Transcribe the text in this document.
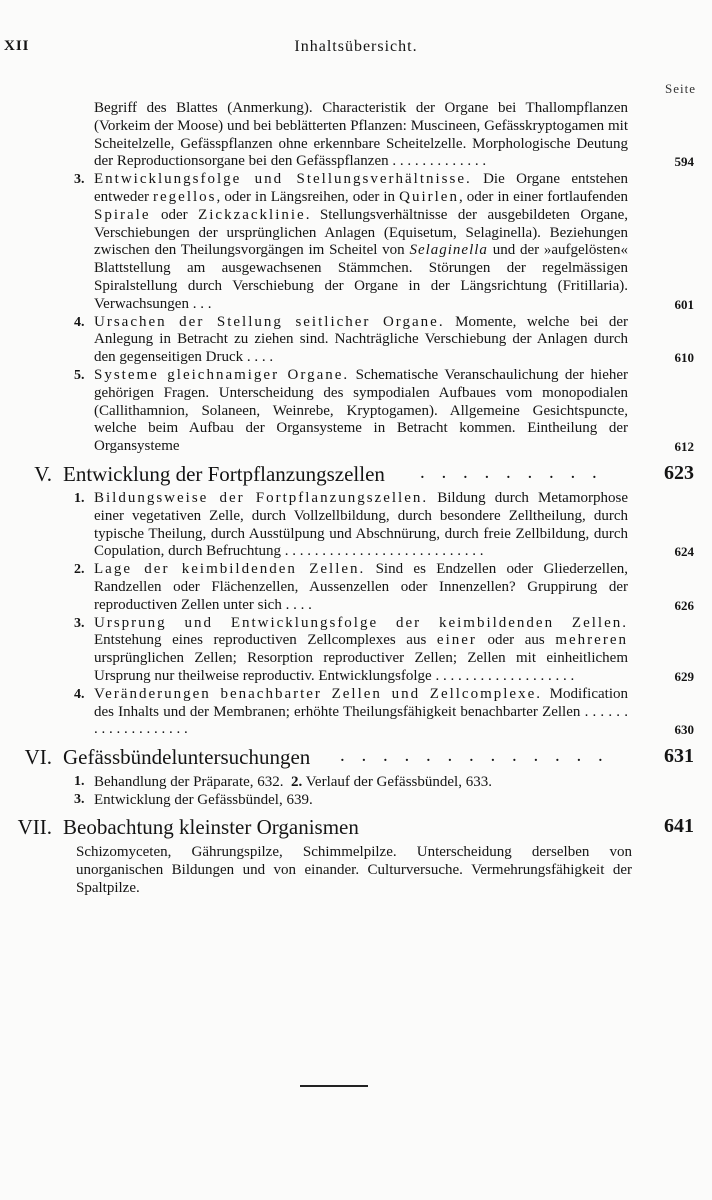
XII	Inhaltsübersicht.
Seite
Begriff des Blattes (Anmerkung). Characteristik der Organe bei Thallompflanzen (Vorkeim der Moose) und bei beblätterten Pflanzen: Muscineen, Gefässkryptogamen mit Scheitelzelle, Gefässpflanzen ohne erkennbare Scheitelzelle. Morphologische Deutung der Reproductionsorgane bei den Gefässpflanzen . . . . . . . . . . . . .	594
3. Entwicklungsfolge und Stellungsverhältnisse. Die Organe entstehen entweder regellos, oder in Längsreihen, oder in Quirlen, oder in einer fortlaufenden Spirale oder Zickzacklinie. Stellungsverhältnisse der ausgebildeten Organe, Verschiebungen der ursprünglichen Anlagen (Equisetum, Selaginella). Beziehungen zwischen den Theilungsvorgängen im Scheitel von Selaginella und der »aufgelösten« Blattstellung am ausgewachsenen Stämmchen. Störungen der regelmässigen Spiralstellung durch Verschiebung der Organe in der Längsrichtung (Fritillaria). Verwachsungen . . .	601
4. Ursachen der Stellung seitlicher Organe. Momente, welche bei der Anlegung in Betracht zu ziehen sind. Nachträgliche Verschiebung der Anlagen durch den gegenseitigen Druck . . . .	610
5. Systeme gleichnamiger Organe. Schematische Veranschaulichung der hieher gehörigen Fragen. Unterscheidung des sympodialen Aufbaues vom monopodialen (Callithamnion, Solaneen, Weinrebe, Kryptogamen). Allgemeine Gesichtspuncte, welche beim Aufbau der Organsysteme in Betracht kommen. Eintheilung der Organsysteme	612
V. Entwicklung der Fortpflanzungszellen . . . . . . . . .	623
1. Bildungsweise der Fortpflanzungszellen. Bildung durch Metamorphose einer vegetativen Zelle, durch Vollzellbildung, durch besondere Zelltheilung, durch typische Theilung, durch Ausstülpung und Abschnürung, durch freie Zellbildung, durch Copulation, durch Befruchtung . . . . . . . . . . . . . . . . . . . . . . . . . . .	624
2. Lage der keimbildenden Zellen. Sind es Endzellen oder Gliederzellen, Randzellen oder Flächenzellen, Aussenzellen oder Innenzellen? Gruppirung der reproductiven Zellen unter sich . . . .	626
3. Ursprung und Entwicklungsfolge der keimbildenden Zellen. Entstehung eines reproductiven Zellcomplexes aus einer oder aus mehreren ursprünglichen Zellen; Resorption reproductiver Zellen; Zellen mit einheitlichem Ursprung nur theilweise reproductiv. Entwicklungsfolge . . . . . . . . . . . . . . . . . . .	629
4. Veränderungen benachbarter Zellen und Zellcomplexe. Modification des Inhalts und der Membranen; erhöhte Theilungsfähigkeit benachbarter Zellen . . . . . . . . . . . . . . . . . . .	630
VI. Gefässbündeluntersuchungen . . . . . . . . . . . . .	631
1. Behandlung der Präparate, 632. 2. Verlauf der Gefässbündel, 633.
3. Entwicklung der Gefässbündel, 639.
VII. Beobachtung kleinster Organismen	641
Schizomyceten, Gährungspilze, Schimmelpilze. Unterscheidung derselben von unorganischen Bildungen und von einander. Culturversuche. Vermehrungsfähigkeit der Spaltpilze.
